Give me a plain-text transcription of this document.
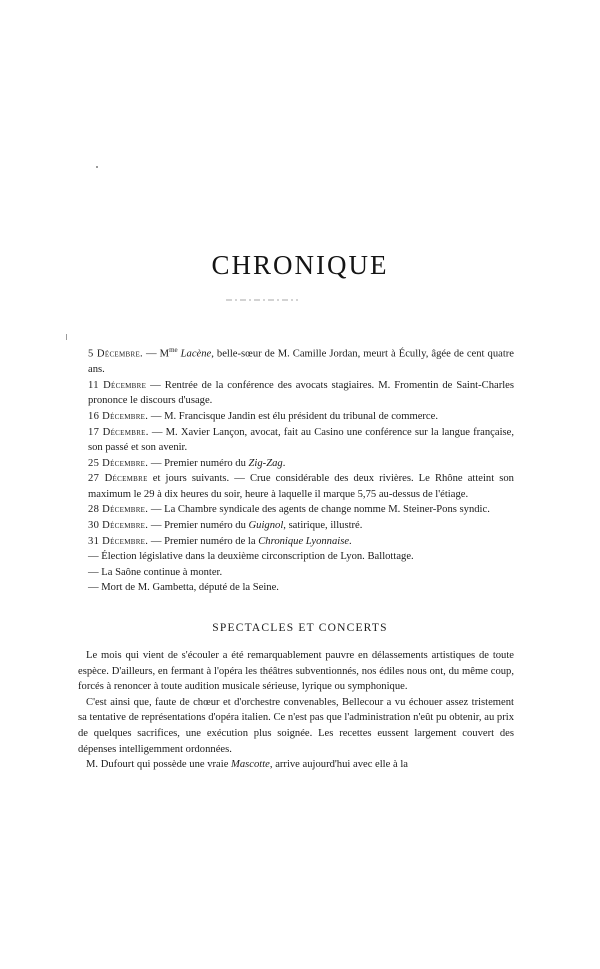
CHRONIQUE

5 Décembre. — $M^{me}$ Lacène, belle-sœur de M. Camille Jordan, meurt à Écully, âgée de cent quatre ans.

11 Décembre — Rentrée de la conférence des avocats stagiaires. M. Fromentin de Saint-Charles prononce le discours d'usage.

16 Décembre. — M. Francisque Jandin est élu président du tribunal de commerce.

17 Décembre. — M. Xavier Lançon, avocat, fait au Casino une conférence sur la langue française, son passé et son avenir.

25 Décembre. — Premier numéro du Zig-Zag.

27 Décembre et jours suivants. — Crue considérable des deux rivières. Le Rhône atteint son maximum le 29 à dix heures du soir, heure à laquelle il marque 5,75 au-dessus de l'étiage.

28 Décembre. — La Chambre syndicale des agents de change nomme M. Steiner-Pons syndic.

30 Décembre. — Premier numéro du Guignol, satirique, illustré.

31 Décembre. — Premier numéro de la Chronique Lyonnaise.

— Élection législative dans la deuxième circonscription de Lyon. Ballottage.

— La Saône continue à monter.

— Mort de M. Gambetta, député de la Seine.

SPECTACLES ET CONCERTS

Le mois qui vient de s'écouler a été remarquablement pauvre en délassements artistiques de toute espèce. D'ailleurs, en fermant à l'opéra les théâtres subventionnés, nos édiles nous ont, du même coup, forcés à renoncer à toute audition musicale sérieuse, lyrique ou symphonique.

C'est ainsi que, faute de chœur et d'orchestre convenables, Bellecour a vu échouer assez tristement sa tentative de représentations d'opéra italien. Ce n'est pas que l'administration n'eût pu obtenir, au prix de quelques sacrifices, une exécution plus soignée. Les recettes eussent largement couvert des dépenses intelligemment ordonnées.

M. Dufourt qui possède une vraie Mascotte, arrive aujourd'hui avec elle à la
